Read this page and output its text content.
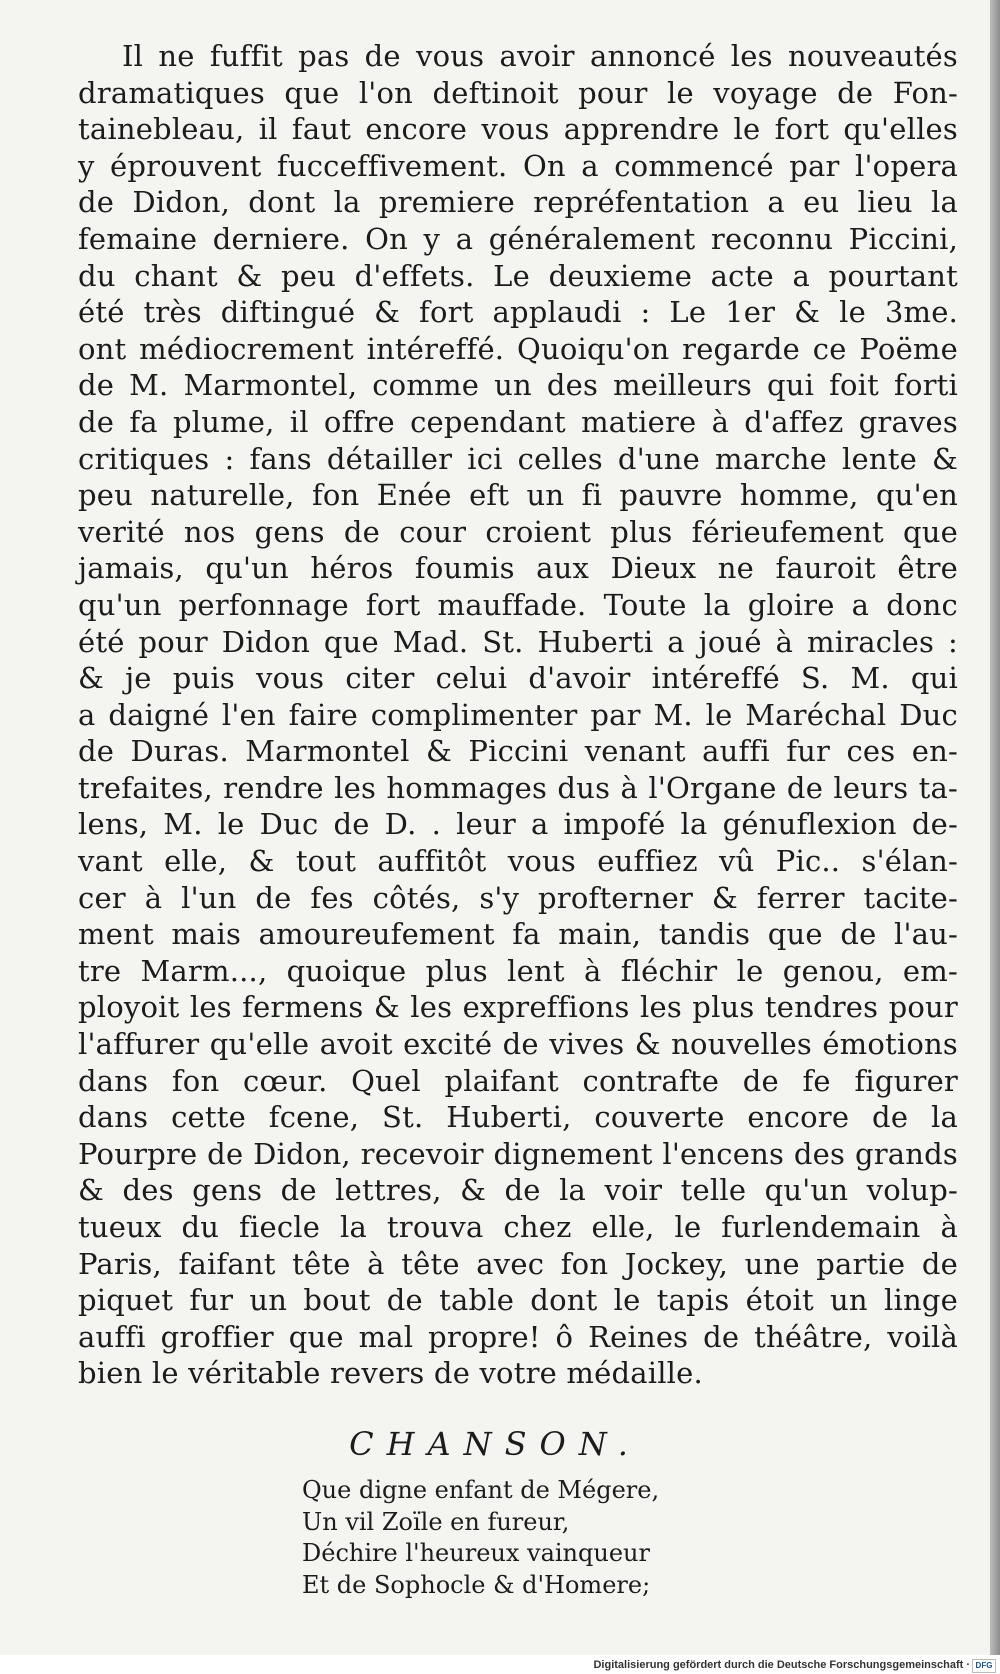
Il ne fuffit pas de vous avoir annoncé les nouveautés
dramatiques que l'on deftinoit pour le voyage de Fon-
tainebleau, il faut encore vous apprendre le fort qu'elles
y éprouvent fucceffivement. On a commencé par l'opera
de Didon, dont la premiere repréfentation a eu lieu la
femaine derniere. On y a généralement reconnu Piccini,
du chant & peu d'effets. Le deuxieme acte a pourtant
été très diftingué & fort applaudi : Le 1er & le 3me.
ont médiocrement intéreffé. Quoiqu'on regarde ce Poëme
de M. Marmontel, comme un des meilleurs qui foit forti
de fa plume, il offre cependant matiere à d'affez graves
critiques : fans détailler ici celles d'une marche lente &
peu naturelle, fon Enée eft un fi pauvre homme, qu'en
verité nos gens de cour croient plus férieufement que
jamais, qu'un héros foumis aux Dieux ne fauroit être
qu'un perfonnage fort mauffade. Toute la gloire a donc
été pour Didon que Mad. St. Huberti a joué à miracles :
& je puis vous citer celui d'avoir intéreffé S. M. qui
a daigné l'en faire complimenter par M. le Maréchal Duc
de Duras. Marmontel & Piccini venant auffi fur ces en-
trefaites, rendre les hommages dus à l'Organe de leurs ta-
lens, M. le Duc de D. . leur a impofé la génuflexion de-
vant elle, & tout auffitôt vous euffiez vû Pic.. s'élan-
cer à l'un de fes côtés, s'y profterner & ferrer tacite-
ment mais amoureufement fa main, tandis que de l'au-
tre Marm..., quoique plus lent à fléchir le genou, em-
ployoit les fermens & les expreffions les plus tendres pour
l'affurer qu'elle avoit excité de vives & nouvelles émotions
dans fon cœur. Quel plaifant contrafte de fe figurer
dans cette fcene, St. Huberti, couverte encore de la
Pourpre de Didon, recevoir dignement l'encens des grands
& des gens de lettres, & de la voir telle qu'un volup-
tueux du fiecle la trouva chez elle, le furlendemain à
Paris, faifant tête à tête avec fon Jockey, une partie de
piquet fur un bout de table dont le tapis étoit un linge
auffi groffier que mal propre! ô Reines de théâtre, voilà
bien le véritable revers de votre médaille.
CHANSON.
Que digne enfant de Mégere,
Un vil Zoïle en fureur,
Déchire l'heureux vainqueur
Et de Sophocle & d'Homere;
Digitalisierung gefördert durch die Deutsche Forschungsgemeinschaft · DFG
